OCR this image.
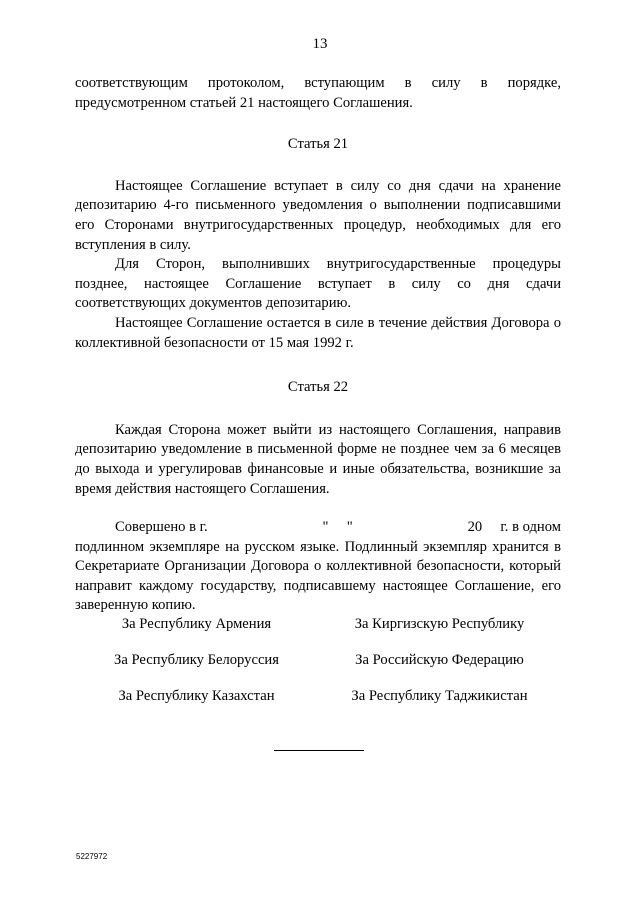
13

соответствующим протоколом, вступающим в силу в порядке, предусмотренном статьей 21 настоящего Соглашения.

Статья 21

Настоящее Соглашение вступает в силу со дня сдачи на хранение депозитарию 4-го письменного уведомления о выполнении подписавшими его Сторонами внутригосударственных процедур, необходимых для его вступления в силу.

Для Сторон, выполнивших внутригосударственные процедуры позднее, настоящее Соглашение вступает в силу со дня сдачи соответствующих документов депозитарию.

Настоящее Соглашение остается в силе в течение действия Договора о коллективной безопасности от 15 мая 1992 г.

Статья 22

Каждая Сторона может выйти из настоящего Соглашения, направив депозитарию уведомление в письменной форме не позднее чем за 6 месяцев до выхода и урегулировав финансовые и иные обязательства, возникшие за время действия настоящего Соглашения.

Совершено в г.	"     "	20     г. в одном

подлинном экземпляре на русском языке. Подлинный экземпляр хранится в Секретариате Организации Договора о коллективной безопасности, который направит каждому государству, подписавшему настоящее Соглашение, его заверенную копию.

За Республику Армения	За Киргизскую Республику
За Республику Белоруссия	За Российскую Федерацию
За Республику Казахстан	За Республику Таджикистан
5227972
